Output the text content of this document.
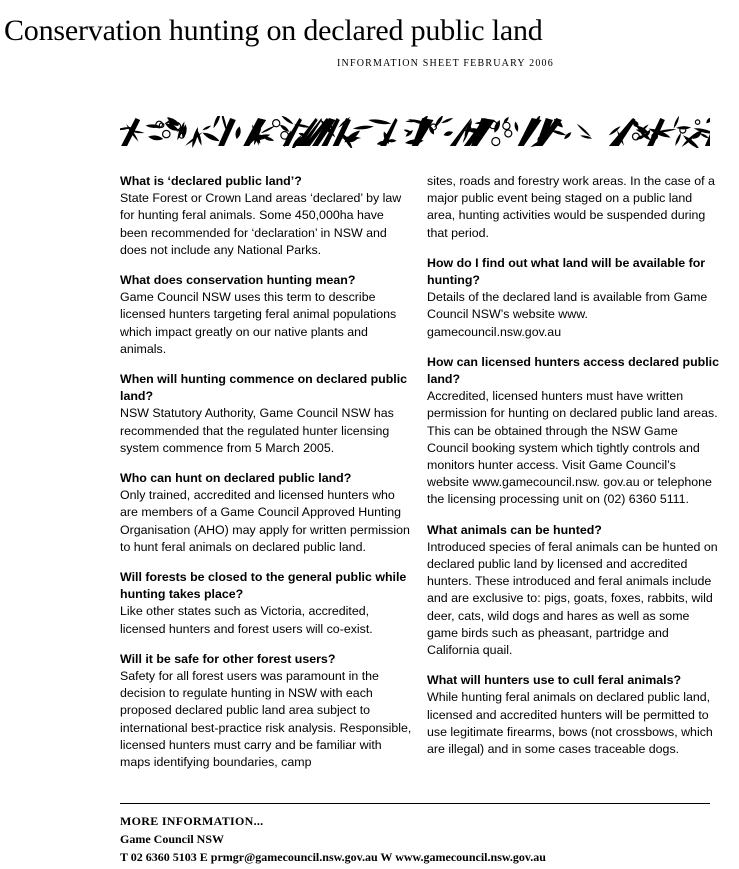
Conservation hunting on declared public land
INFORMATION SHEET FEBRUARY 2006
What is ‘declared public land’?
State Forest or Crown Land areas ‘declared’ by law for hunting feral animals. Some 450,000ha have been recommended for ‘declaration’ in NSW and does not include any National Parks.
What does conservation hunting mean?
Game Council NSW uses this term to describe licensed hunters targeting feral animal populations which impact greatly on our native plants and animals.
When will hunting commence on declared public land?
NSW Statutory Authority, Game Council NSW has recommended that the regulated hunter licensing system commence from 5 March 2005.
Who can hunt on declared public land?
Only trained, accredited and licensed hunters who are members of a Game Council Approved Hunting Organisation (AHO) may apply for written permission to hunt feral animals on declared public land.
Will forests be closed to the general public while hunting takes place?
Like other states such as Victoria, accredited, licensed hunters and forest users will co-exist.
Will it be safe for other forest users?
Safety for all forest users was paramount in the decision to regulate hunting in NSW with each proposed declared public land area subject to international best-practice risk analysis. Responsible, licensed hunters must carry and be familiar with maps identifying boundaries, camp
sites, roads and forestry work areas. In the case of a major public event being staged on a public land area, hunting activities would be suspended during that period.
How do I find out what land will be available for hunting?
Details of the declared land is available from Game Council NSW’s website www. gamecouncil.nsw.gov.au
How can licensed hunters access declared public land?
Accredited, licensed hunters must have written permission for hunting on declared public land areas. This can be obtained through the NSW Game Council booking system which tightly controls and monitors hunter access. Visit Game Council’s website www.gamecouncil.nsw. gov.au or telephone the licensing processing unit on (02) 6360 5111.
What animals can be hunted?
Introduced species of feral animals can be hunted on declared public land by licensed and accredited hunters. These introduced and feral animals include and are exclusive to: pigs, goats, foxes, rabbits, wild deer, cats, wild dogs and hares as well as some game birds such as pheasant, partridge and California quail.
What will hunters use to cull feral animals?
While hunting feral animals on declared public land, licensed and accredited hunters will be permitted to use legitimate firearms, bows (not crossbows, which are illegal) and in some cases traceable dogs.
MORE INFORMATION...
Game Council NSW
T 02 6360 5103 E prmgr@gamecouncil.nsw.gov.au W www.gamecouncil.nsw.gov.au
